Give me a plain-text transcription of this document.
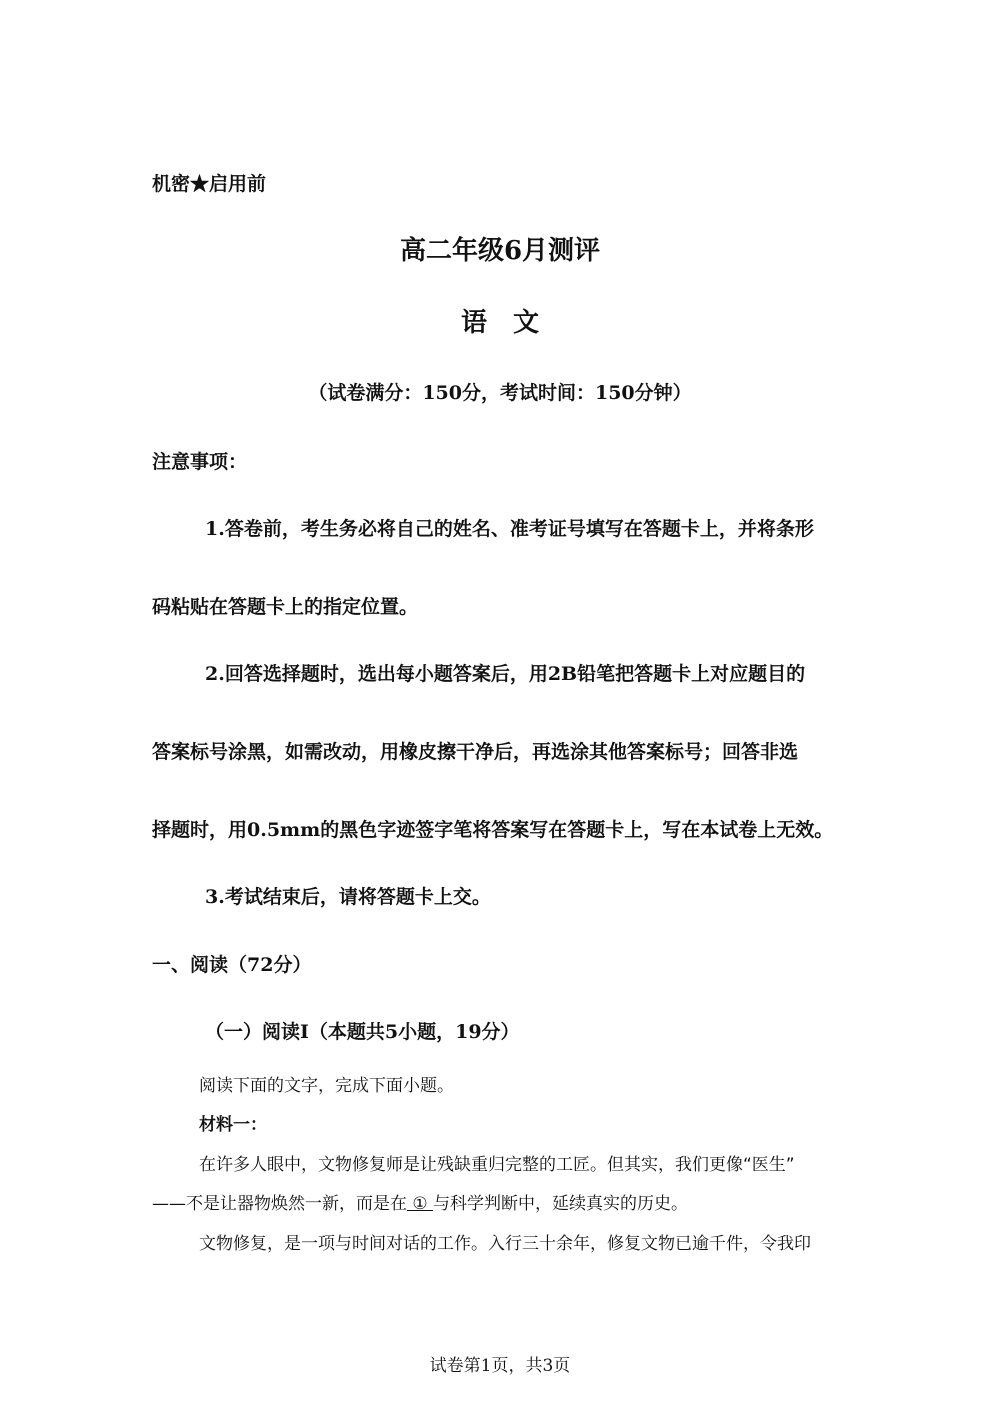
机密★启用前
高二年级6月测评
语　文
（试卷满分：150分，考试时间：150分钟）
注意事项：
1.答卷前，考生务必将自己的姓名、准考证号填写在答题卡上，并将条形
码粘贴在答题卡上的指定位置。
2.回答选择题时，选出每小题答案后，用2B铅笔把答题卡上对应题目的
答案标号涂黑，如需改动，用橡皮擦干净后，再选涂其他答案标号；回答非选
择题时，用0.5mm的黑色字迹签字笔将答案写在答题卡上，写在本试卷上无效。
3.考试结束后，请将答题卡上交。
一、阅读（72分）
（一）阅读Ⅰ（本题共5小题，19分）
阅读下面的文字，完成下面小题。
材料一：
在许多人眼中，文物修复师是让残缺重归完整的工匠。但其实，我们更像“医生”
——不是让器物焕然一新，而是在 ① 与科学判断中，延续真实的历史。
文物修复，是一项与时间对话的工作。入行三十余年，修复文物已逾千件，令我印
试卷第1页，共3页
